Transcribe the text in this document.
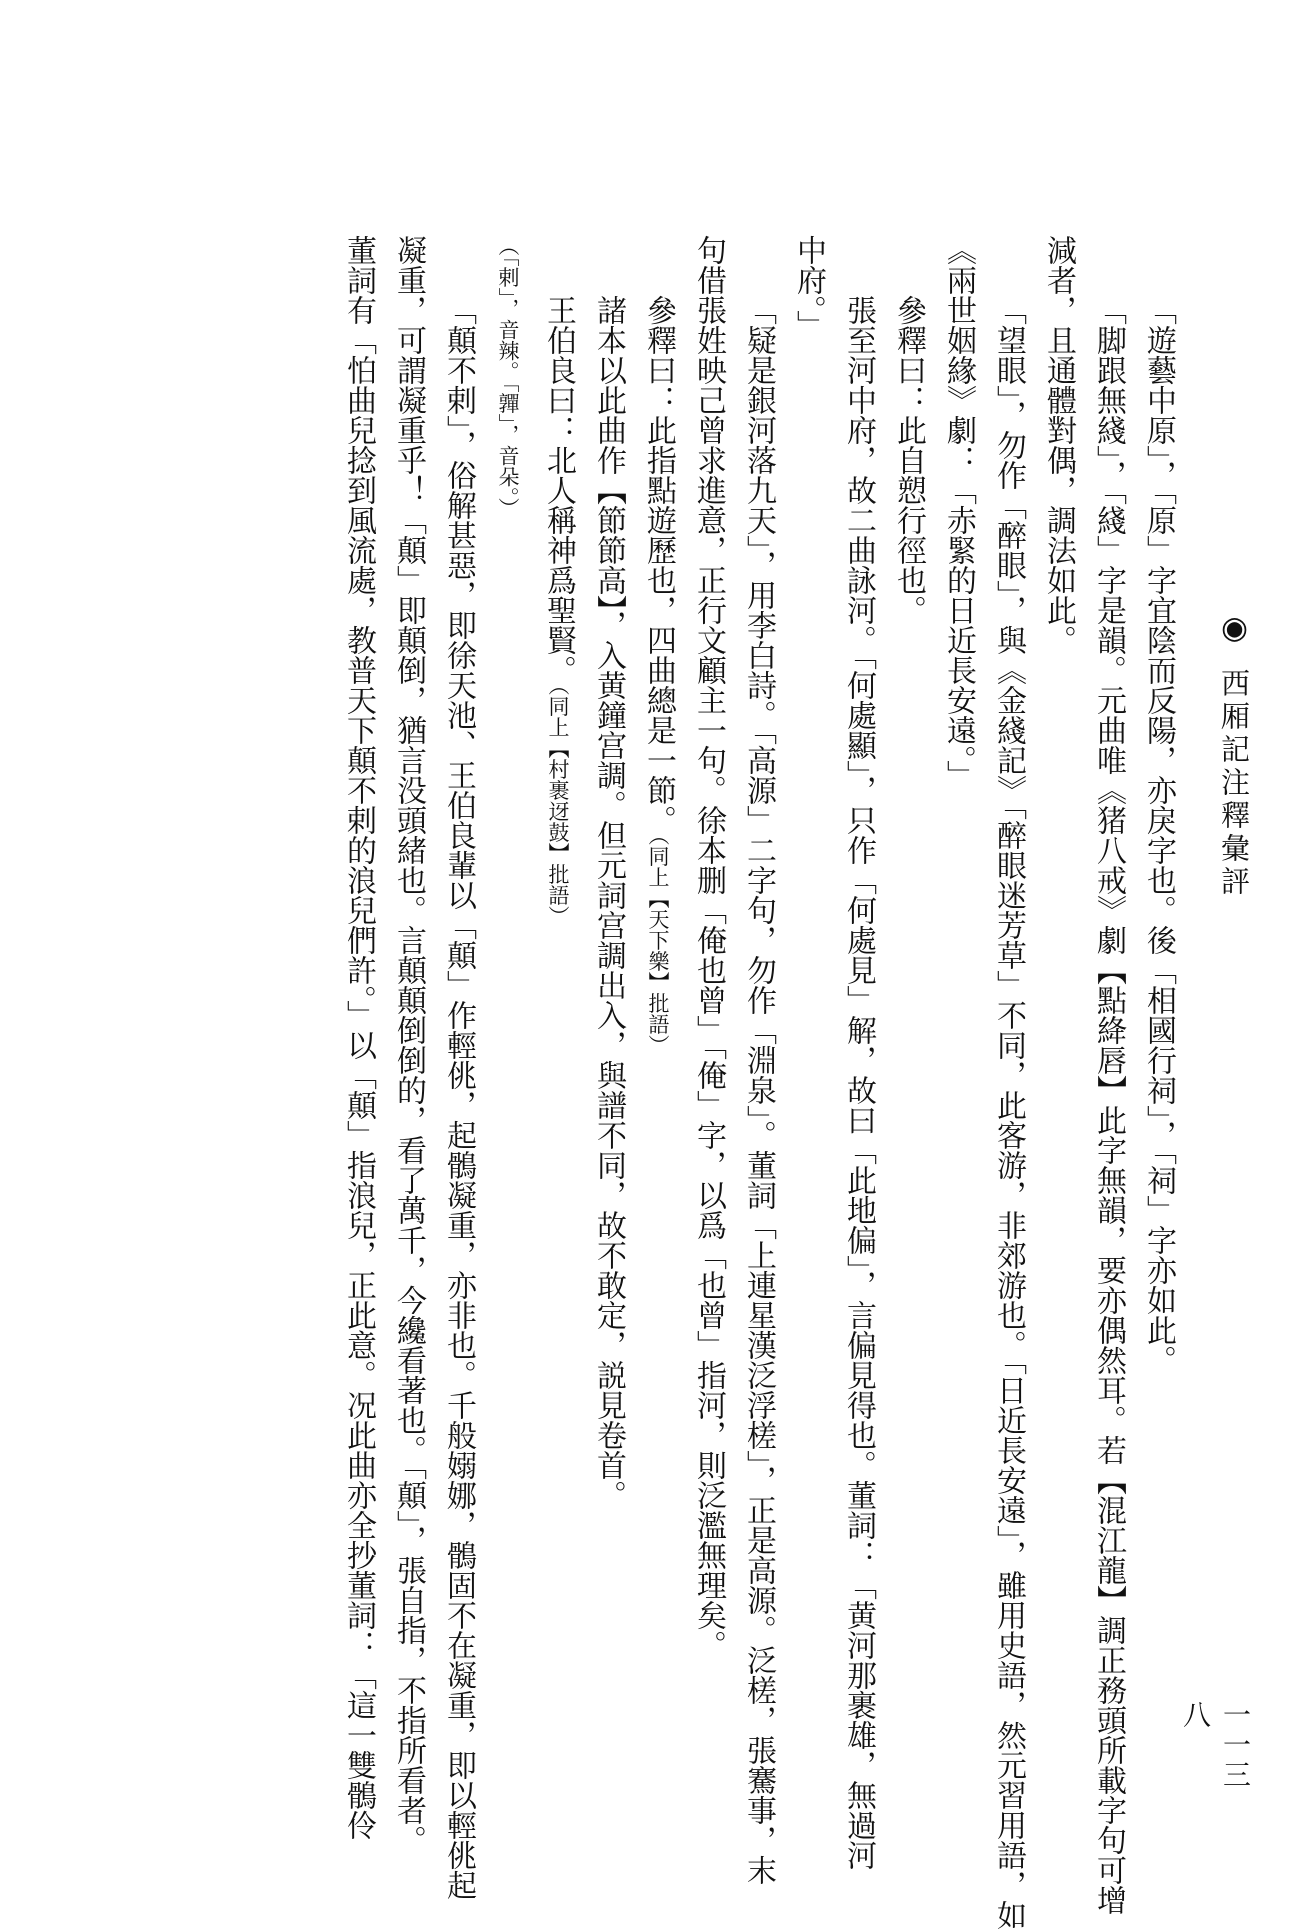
◉
西厢記注釋彙評
一一三八
「遊藝中原」，「原」字宜陰而反陽，亦戾字也。後「相國行祠」，「祠」字亦如此。
「脚跟無綫」，「綫」字是韻。元曲唯《猪八戒》劇【點絳唇】此字無韻，要亦偶然耳。若【混江龍】調正務頭所載字句可增
減者，且通體對偶，調法如此。
「望眼」，勿作「醉眼」，與《金綫記》「醉眼迷芳草」不同，此客游，非郊游也。「日近長安遠」，雖用史語，然元習用語，如
《兩世姻緣》劇：「赤緊的日近長安遠。」
參釋曰：此自愬行徑也。
張至河中府，故二曲詠河。「何處顯」，只作「何處見」解，故曰「此地偏」，言偏見得也。董詞：「黄河那裹雄，無過河
中府。」
「疑是銀河落九天」，用李白詩。「高源」二字句，勿作「淵泉」。董詞「上連星漢泛浮槎」，正是高源。泛槎，張騫事，末
句借張姓映己曾求進意，正行文顧主一句。徐本删「俺也曾」「俺」字，以爲「也曾」指河，則泛濫無理矣。
參釋曰：此指點遊歷也，四曲總是一節。（同上【天下樂】批語）
諸本以此曲作【節節高】，入黄鐘宫調。但元詞宫調出入，與譜不同，故不敢定，説見卷首。
王伯良曰：北人稱神爲聖賢。（同上【村裹迓鼓】批語）
（「剌」，音辣。「嚲」，音朵。）
「顛不剌」，俗解甚惡，即徐天池、王伯良輩以「顛」作輕佻，起鶻凝重，亦非也。千般嫋娜，鶻固不在凝重，即以輕佻起
凝重，可謂凝重乎！「顛」即顛倒，猶言没頭緒也。言顛顛倒倒的，看了萬千，今纔看著也。「顛」，張自指，不指所看者。
董詞有「怕曲兒捻到風流處，教普天下顛不剌的浪兒們許。」以「顛」指浪兒，正此意。况此曲亦全抄董詞：「這一雙鶻伶
